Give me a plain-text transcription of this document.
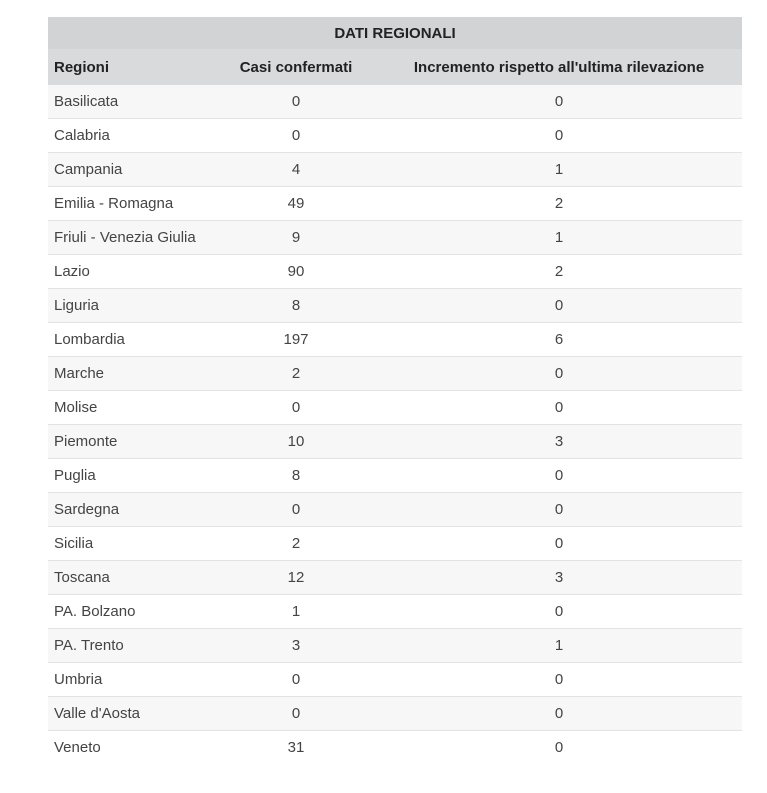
DATI REGIONALI		
Regioni	Casi confermati	Incremento rispetto all'ultima rilevazione
Basilicata	0	0
Calabria	0	0
Campania	4	1
Emilia - Romagna	49	2
Friuli - Venezia Giulia	9	1
Lazio	90	2
Liguria	8	0
Lombardia	197	6
Marche	2	0
Molise	0	0
Piemonte	10	3
Puglia	8	0
Sardegna	0	0
Sicilia	2	0
Toscana	12	3
PA. Bolzano	1	0
PA. Trento	3	1
Umbria	0	0
Valle d'Aosta	0	0
Veneto	31	0
